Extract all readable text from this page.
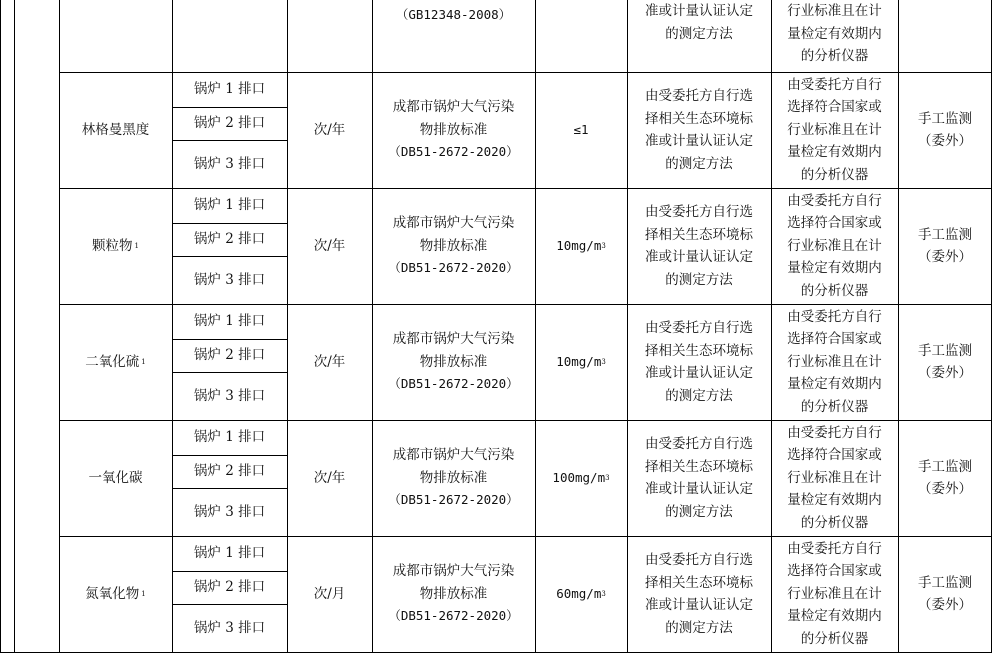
（GB12348-2008）	准或计量认证认定
的测定方法
行业标准且在计
量检定有效期内
的分析仪器
林格曼黑度
锅炉 1 排口
锅炉 2 排口
锅炉 3 排口
次/年
成都市锅炉大气污染
物排放标准
（DB51-2672-2020）
≤1
由受委托方自行选
择相关生态环境标
准或计量认证认定
的测定方法
由受委托方自行
选择符合国家或
行业标准且在计
量检定有效期内
的分析仪器
手工监测
（委外）
颗粒物 1
锅炉 1 排口
锅炉 2 排口
锅炉 3 排口
次/年
成都市锅炉大气污染
物排放标准
（DB51-2672-2020）
10mg/m 3
由受委托方自行选
择相关生态环境标
准或计量认证认定
的测定方法
由受委托方自行
选择符合国家或
行业标准且在计
量检定有效期内
的分析仪器
手工监测
（委外）
二氧化硫 1
锅炉 1 排口
锅炉 2 排口
锅炉 3 排口
次/年
成都市锅炉大气污染
物排放标准
（DB51-2672-2020）
10mg/m 3
由受委托方自行选
择相关生态环境标
准或计量认证认定
的测定方法
由受委托方自行
选择符合国家或
行业标准且在计
量检定有效期内
的分析仪器
手工监测
（委外）
一氧化碳
锅炉 1 排口
锅炉 2 排口
锅炉 3 排口
次/年
成都市锅炉大气污染
物排放标准
（DB51-2672-2020）
100mg/m 3
由受委托方自行选
择相关生态环境标
准或计量认证认定
的测定方法
由受委托方自行
选择符合国家或
行业标准且在计
量检定有效期内
的分析仪器
手工监测
（委外）
氮氧化物 1
锅炉 1 排口
锅炉 2 排口
锅炉 3 排口
次/月
成都市锅炉大气污染
物排放标准
（DB51-2672-2020）
60mg/m 3
由受委托方自行选
择相关生态环境标
准或计量认证认定
的测定方法
由受委托方自行
选择符合国家或
行业标准且在计
量检定有效期内
的分析仪器
手工监测
（委外）
